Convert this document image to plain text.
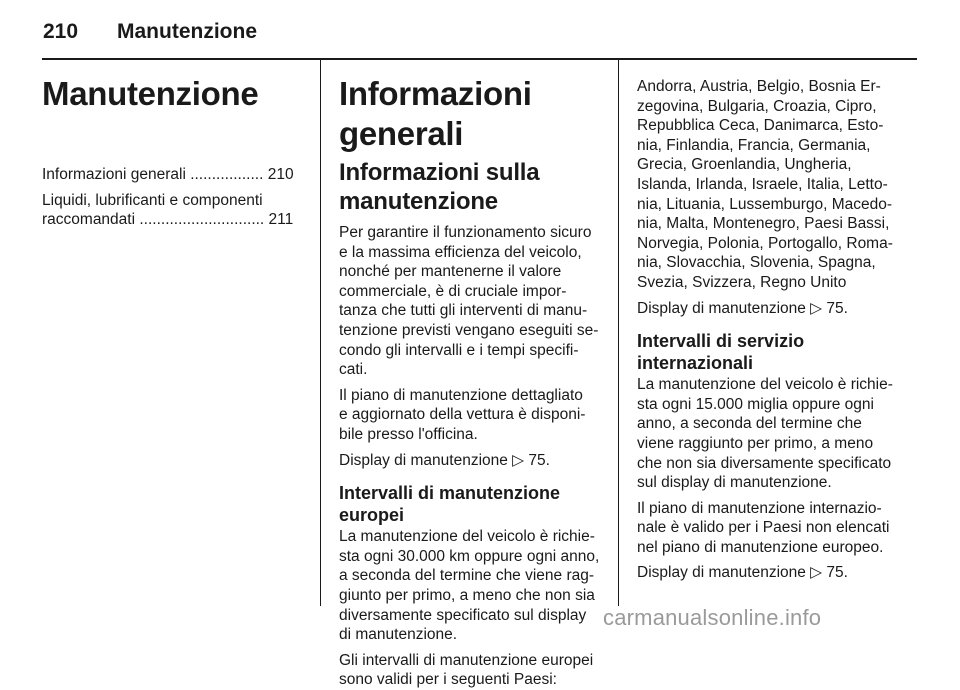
210 Manutenzione
Manutenzione

Informazioni generali ................. 210

Liquidi, lubrificanti e componenti
raccomandati ............................. 211

Informazioni generali
Informazioni sulla
manutenzione

Per garantire il funzionamento sicuro
e la massima efficienza del veicolo,
nonché per mantenerne il valore
commerciale, è di cruciale impor-
tanza che tutti gli interventi di manu-
tenzione previsti vengano eseguiti se-
condo gli intervalli e i tempi specifi-
cati.

Il piano di manutenzione dettagliato
e aggiornato della vettura è disponi-
bile presso l'officina.

Display di manutenzione ▷ 75.

Intervalli di manutenzione
europei

La manutenzione del veicolo è richie-
sta ogni 30.000 km oppure ogni anno,
a seconda del termine che viene rag-
giunto per primo, a meno che non sia
diversamente specificato sul display
di manutenzione.

Gli intervalli di manutenzione europei
sono validi per i seguenti Paesi:

Andorra, Austria, Belgio, Bosnia Er-
zegovina, Bulgaria, Croazia, Cipro,
Repubblica Ceca, Danimarca, Esto-
nia, Finlandia, Francia, Germania,
Grecia, Groenlandia, Ungheria,
Islanda, Irlanda, Israele, Italia, Letto-
nia, Lituania, Lussemburgo, Macedo-
nia, Malta, Montenegro, Paesi Bassi,
Norvegia, Polonia, Portogallo, Roma-
nia, Slovacchia, Slovenia, Spagna,
Svezia, Svizzera, Regno Unito

Display di manutenzione ▷ 75.

Intervalli di servizio
internazionali

La manutenzione del veicolo è richie-
sta ogni 15.000 miglia oppure ogni
anno, a seconda del termine che
viene raggiunto per primo, a meno
che non sia diversamente specificato
sul display di manutenzione.

Il piano di manutenzione internazio-
nale è valido per i Paesi non elencati
nel piano di manutenzione europeo.

Display di manutenzione ▷ 75.

carmanualsonline.info
